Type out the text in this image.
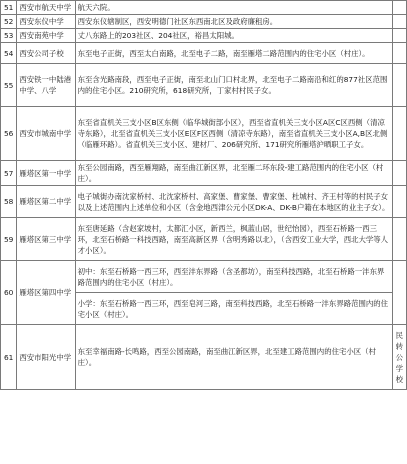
51	西安市航天中学	航天六院。	
52	西安东仪中学	西安东仪辖制区，西安明德门社区东西南北区及政府廉租房。	
53	西安南苑中学	丈八东路上的203社区、204社区，裕昌太阳城。	
54	西安公司子校	东至电子正街，西至太白南路，北至电子二路，南至雁塔二路范围内的住宅小区（村庄）。	
55	西安铁一中陆港中学、八学	东至含光路南段，西至电子正街，南至北山门口村北界，北至电子二路南沿和红的877社区范围内的住宅小区。210研究所，618研究所，丁家村村民子女。	
56	西安市城南中学	东至省直机关三支小区B区东侧（临华城街部小区），西至省直机关三支小区A区C区西侧（清凉寺东路），北至省直机关三支小区E区F区西侧（清凉寺东路），南至省直机关三支小区A,B区北侧（临雁环路）。省直机关三支小区、建材厂、206研究所、171研究所雁塔沪晒职工子女。	
57	雁塔区第一中学	东至公园南路，西至雁翔路，南至曲江新区界，北至雁二环东段-建工路范围内的住宅小区（村庄）。	
58	雁塔区第二中学	电子城街办南沈家桥村、北沈家桥村、高家堡、曹家堡、曹家堡、杜城村、齐王村等的村民子女以及上述范围内上述单位和小区（含金地西津公元小区DK-A、DK-B户籍在本地区的业主子女）。	
59	雁塔区第三中学	东至唐延路（含赵家坡村，太都汇小区，新西兰，枫蓝山居，世纪怡园），西至石桥路一西三环，北至石桥路一科技西路，南至高新区界（含明秀路以北），（含西安工业大学，西北大学等人才小区）。	
60	雁塔区第四中学	初中：东至石桥路一西三环，西至沣东界路（含圣都坊），南至科技西路，北至石桥路一沣东界路范围内的住宅小区（村庄）。	
		小学：东至石桥路一西三环，西至皂河三路，南至科技西路，北至石桥路一沣东界路范围内的住宅小区（村庄）。	
61	西安市阳光中学	东至幸福南路-长鸣路，西至公园南路，南至曲江新区界，北至建工路范围内的住宅小区（村庄）。	民转公学校
